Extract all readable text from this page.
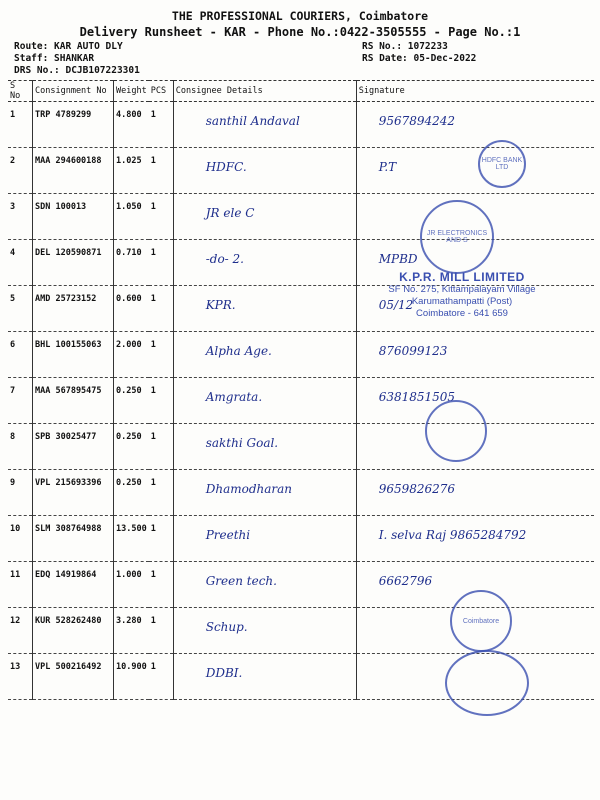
THE PROFESSIONAL COURIERS, Coimbatore
Delivery Runsheet - KAR - Phone No.:0422-3505555 - Page No.:1
Route: KAR AUTO DLY
Staff: SHANKAR
DRS No.: DCJB107223301
RS No.: 1072233
RS Date: 05-Dec-2022
S No	Consignment No	Weight	PCS	Consignee Details	Signature
1	TRP 4789299	4.800	1	santhil Andaval	9567894242
2	MAA 294600188	1.025	1	HDFC.	P.T
3	SDN 100013	1.050	1	JR ele C	
4	DEL 120590871	0.710	1	-do- 2.	MPBD
5	AMD 25723152	0.600	1	KPR.	05/12
6	BHL 100155063	2.000	1	Alpha Age.	876099123
7	MAA 567895475	0.250	1	Amgrata.	6381851505
8	SPB 30025477	0.250	1	sakthi Goal.	
9	VPL 215693396	0.250	1	Dhamodharan	9659826276
10	SLM 308764988	13.500	1	Preethi	I. selva Raj 9865284792
11	EDQ 14919864	1.000	1	Green tech.	6662796
12	KUR 528262480	3.280	1	Schup.	
13	VPL 500216492	10.900	1	DDBI.	
HDFC BANK LTD
JR ELECTRONICS AND S
Coimbatore
K.P.R. MILL LIMITED
SF No. 275, Kittampalayam Village
Karumathampatti (Post)
Coimbatore - 641 659
